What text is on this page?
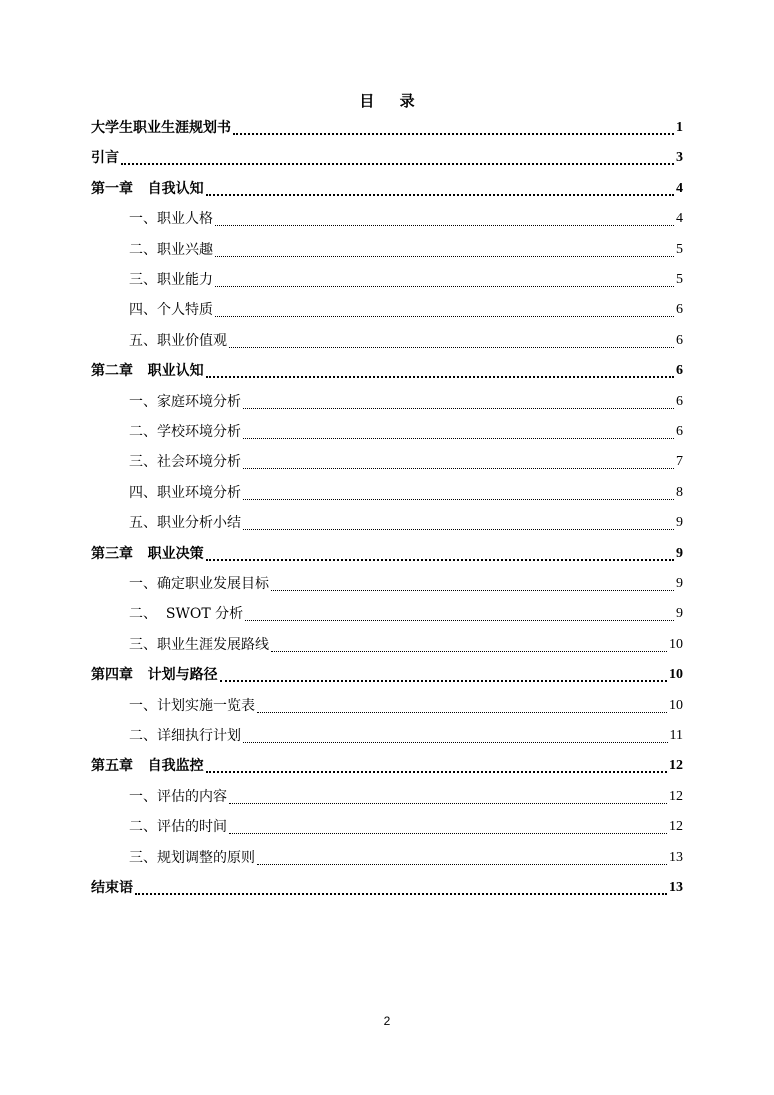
目 录
大学生职业生涯规划书	1
引言	3
第一章   自我认知	4
一、职业人格	4
二、职业兴趣	5
三、职业能力	5
四、个人特质	6
五、职业价值观	6
第二章   职业认知	6
一、家庭环境分析	6
二、学校环境分析	6
三、社会环境分析	7
四、职业环境分析	8
五、职业分析小结	9
第三章   职业决策	9
一、确定职业发展目标	9
二、  SWOT 分析	9
三、职业生涯发展路线	10
第四章   计划与路径	10
一、计划实施一览表	10
二、详细执行计划	11
第五章   自我监控	12
一、评估的内容	12
二、评估的时间	12
三、规划调整的原则	13
结束语	13
2
